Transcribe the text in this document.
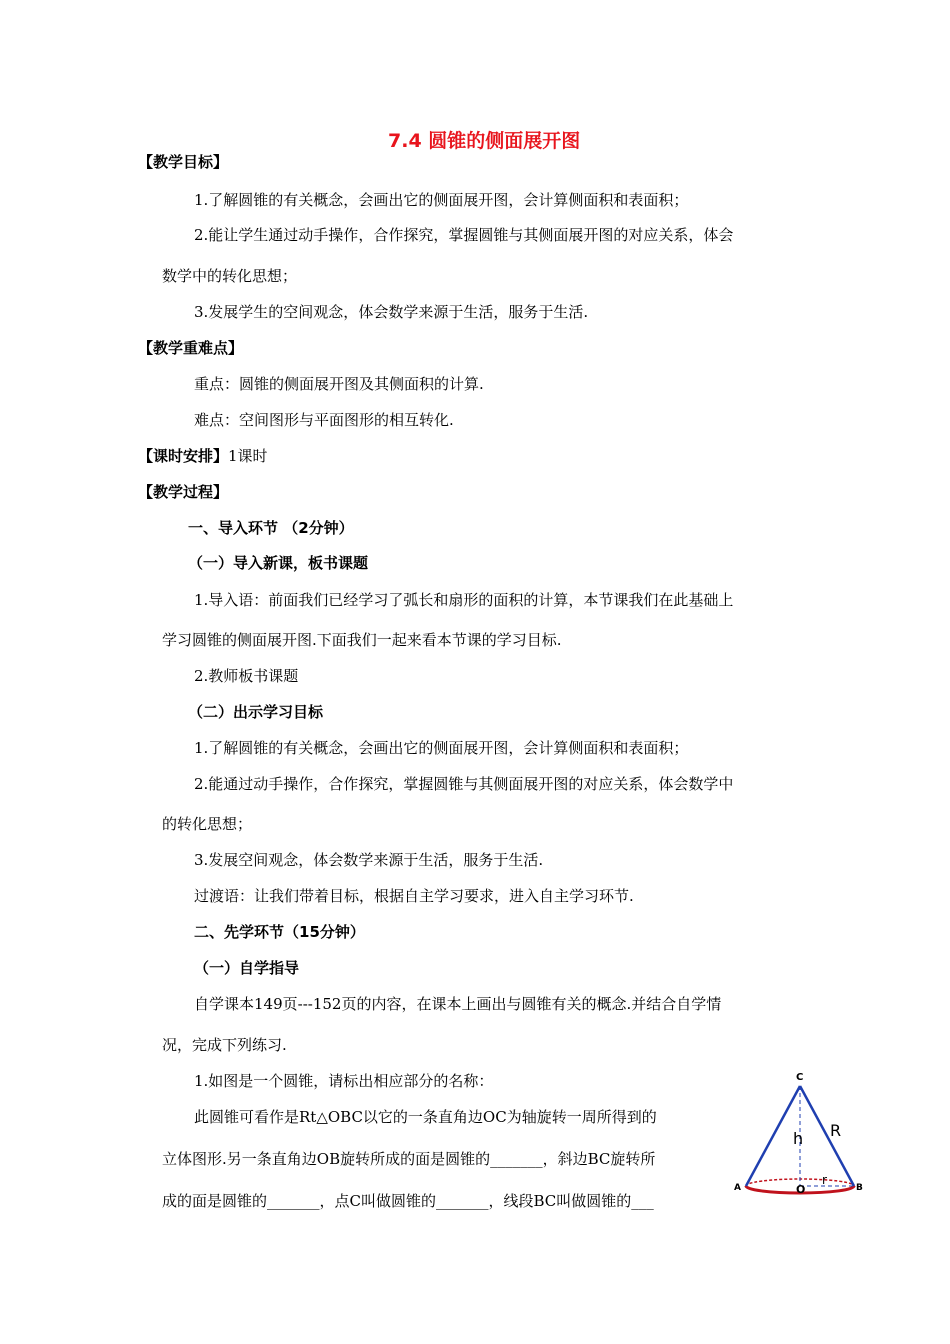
7.4 圆锥的侧面展开图
【教学目标】
1.了解圆锥的有关概念，会画出它的侧面展开图，会计算侧面积和表面积；
2.能让学生通过动手操作，合作探究，掌握圆锥与其侧面展开图的对应关系，体会
数学中的转化思想；
3.发展学生的空间观念，体会数学来源于生活，服务于生活.
【教学重难点】
重点：圆锥的侧面展开图及其侧面积的计算.
难点：空间图形与平面图形的相互转化.
【课时安排】1课时
【教学过程】
一、导入环节 （2分钟）
（一）导入新课，板书课题
1.导入语：前面我们已经学习了弧长和扇形的面积的计算，本节课我们在此基础上
学习圆锥的侧面展开图.下面我们一起来看本节课的学习目标.
2.教师板书课题
（二）出示学习目标
1.了解圆锥的有关概念，会画出它的侧面展开图，会计算侧面积和表面积；
2.能通过动手操作，合作探究，掌握圆锥与其侧面展开图的对应关系，体会数学中
的转化思想；
3.发展空间观念，体会数学来源于生活，服务于生活.
过渡语：让我们带着目标，根据自主学习要求，进入自主学习环节.
二、先学环节（15分钟）
（一）自学指导
自学课本149页---152页的内容，在课本上画出与圆锥有关的概念.并结合自学情
况，完成下列练习.
1.如图是一个圆锥，请标出相应部分的名称：
此圆锥可看作是Rt△OBC以它的一条直角边OC为轴旋转一周所得到的
立体图形.另一条直角边OB旋转所成的面是圆锥的_______，斜边BC旋转所
成的面是圆锥的_______，点C叫做圆锥的_______，线段BC叫做圆锥的___
C
h R
A	O
r
B
